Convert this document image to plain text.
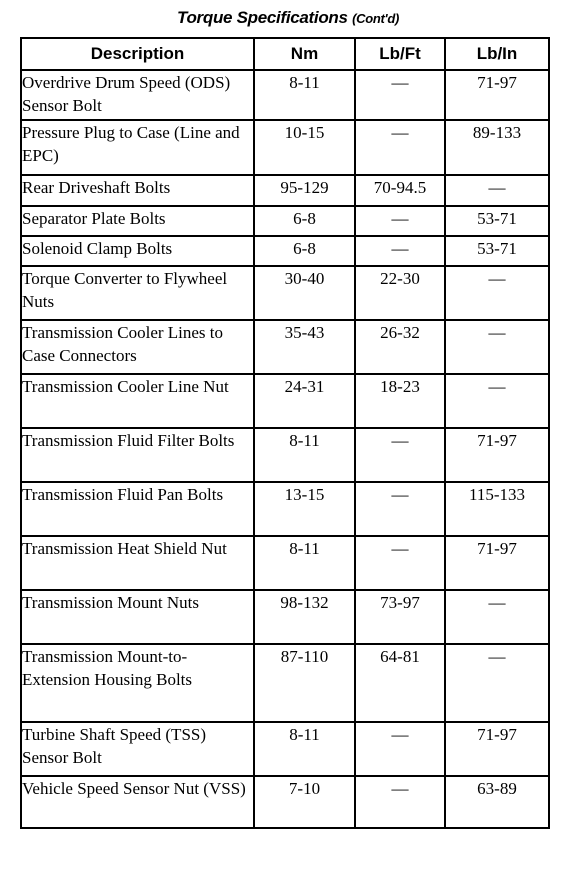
Torque Specifications (Cont'd)
Description	Nm	Lb/Ft	Lb/In
Overdrive Drum Speed (ODS) Sensor Bolt	8-11	—	71-97
Pressure Plug to Case (Line and EPC)	10-15	—	89-133
Rear Driveshaft Bolts	95-129	70-94.5	—
Separator Plate Bolts	6-8	—	53-71
Solenoid Clamp Bolts	6-8	—	53-71
Torque Converter to Flywheel Nuts	30-40	22-30	—
Transmission Cooler Lines to Case Connectors	35-43	26-32	—
Transmission Cooler Line Nut	24-31	18-23	—
Transmission Fluid Filter Bolts	8-11	—	71-97
Transmission Fluid Pan Bolts	13-15	—	115-133
Transmission Heat Shield Nut	8-11	—	71-97
Transmission Mount Nuts	98-132	73-97	—
Transmission Mount-to-Extension Housing Bolts	87-110	64-81	—
Turbine Shaft Speed (TSS) Sensor Bolt	8-11	—	71-97
Vehicle Speed Sensor Nut (VSS)	7-10	—	63-89
